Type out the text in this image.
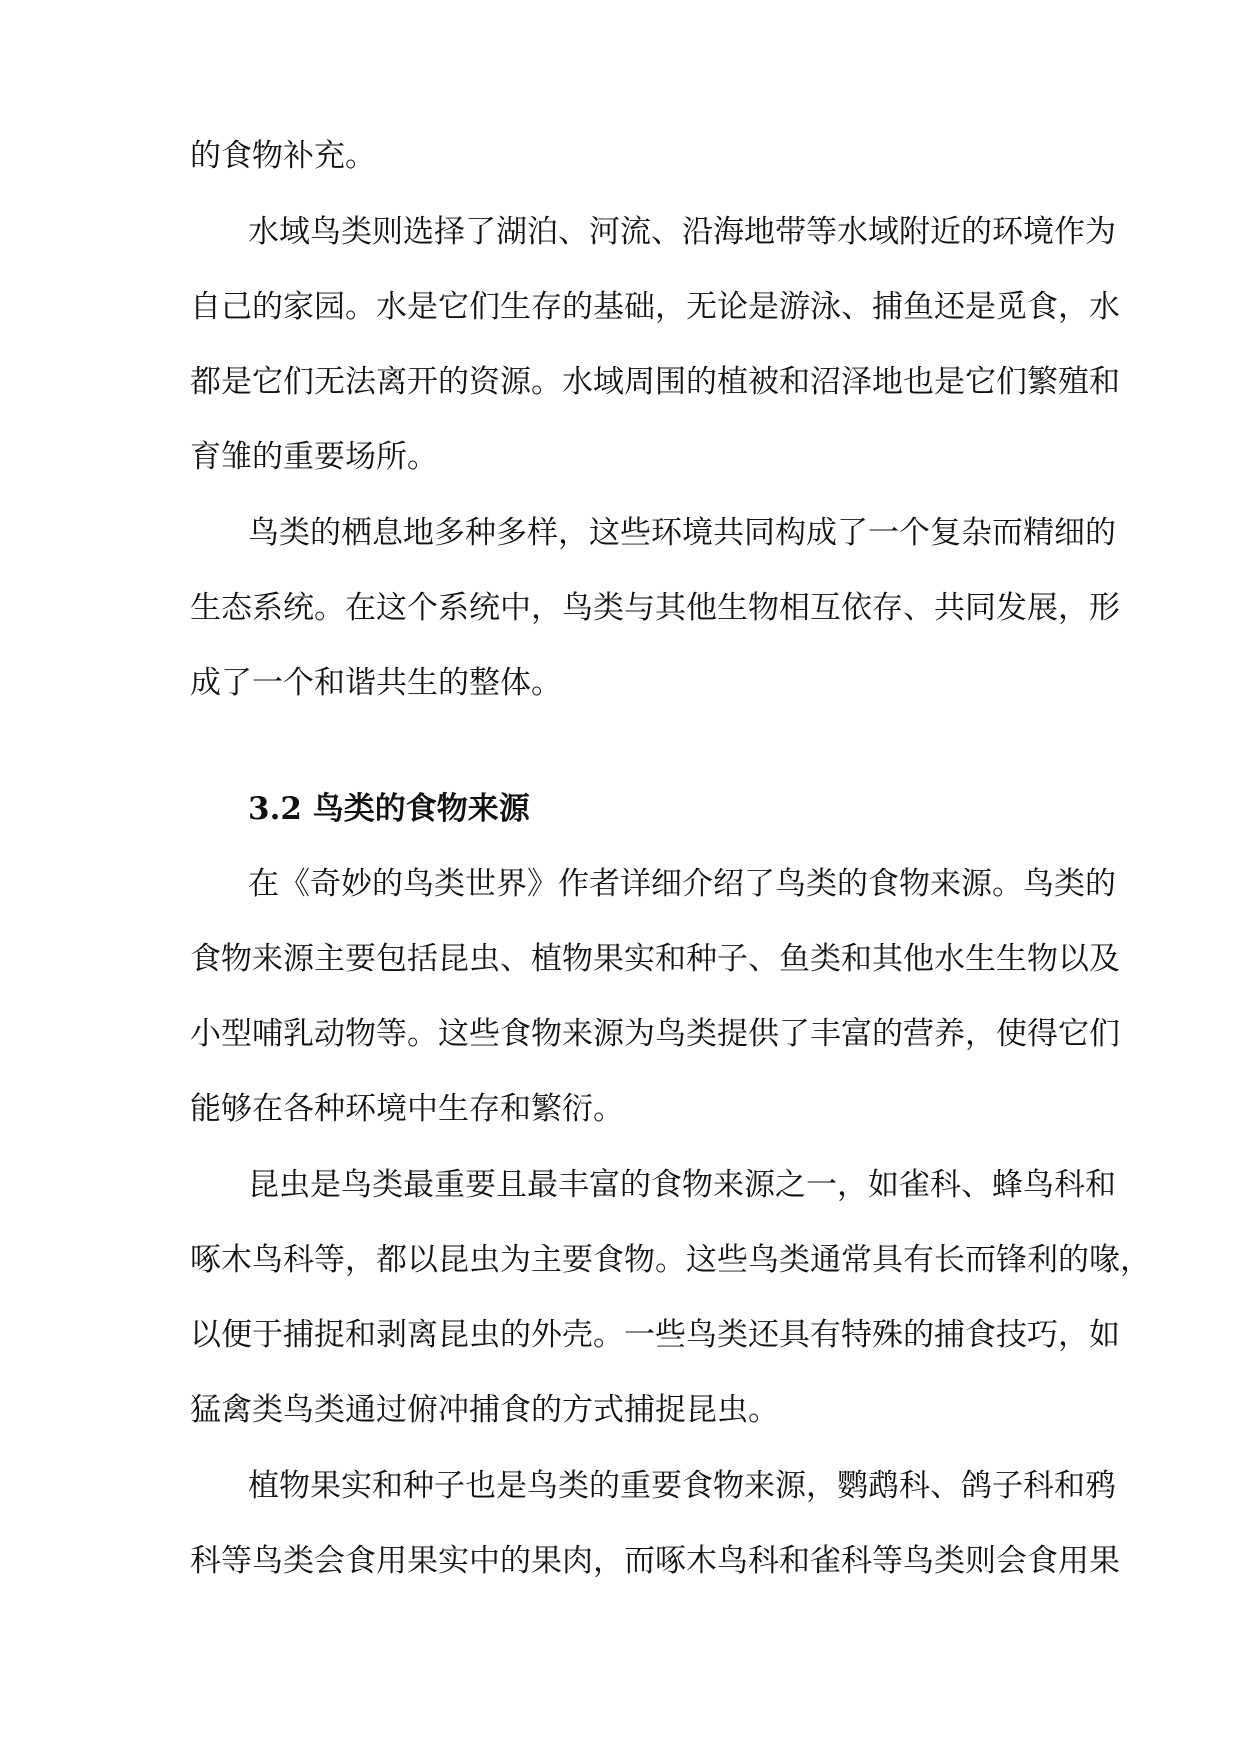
的食物补充。
水域鸟类则选择了湖泊、河流、沿海地带等水域附近的环境作为
自己的家园。水是它们生存的基础，无论是游泳、捕鱼还是觅食，水
都是它们无法离开的资源。水域周围的植被和沼泽地也是它们繁殖和
育雏的重要场所。
鸟类的栖息地多种多样，这些环境共同构成了一个复杂而精细的
生态系统。在这个系统中，鸟类与其他生物相互依存、共同发展，形
成了一个和谐共生的整体。
3.2 鸟类的食物来源
在《奇妙的鸟类世界》作者详细介绍了鸟类的食物来源。鸟类的
食物来源主要包括昆虫、植物果实和种子、鱼类和其他水生生物以及
小型哺乳动物等。这些食物来源为鸟类提供了丰富的营养，使得它们
能够在各种环境中生存和繁衍。
昆虫是鸟类最重要且最丰富的食物来源之一，如雀科、蜂鸟科和
啄木鸟科等，都以昆虫为主要食物。这些鸟类通常具有长而锋利的喙，
以便于捕捉和剥离昆虫的外壳。一些鸟类还具有特殊的捕食技巧，如
猛禽类鸟类通过俯冲捕食的方式捕捉昆虫。
植物果实和种子也是鸟类的重要食物来源，鹦鹉科、鸽子科和鸦
科等鸟类会食用果实中的果肉，而啄木鸟科和雀科等鸟类则会食用果
